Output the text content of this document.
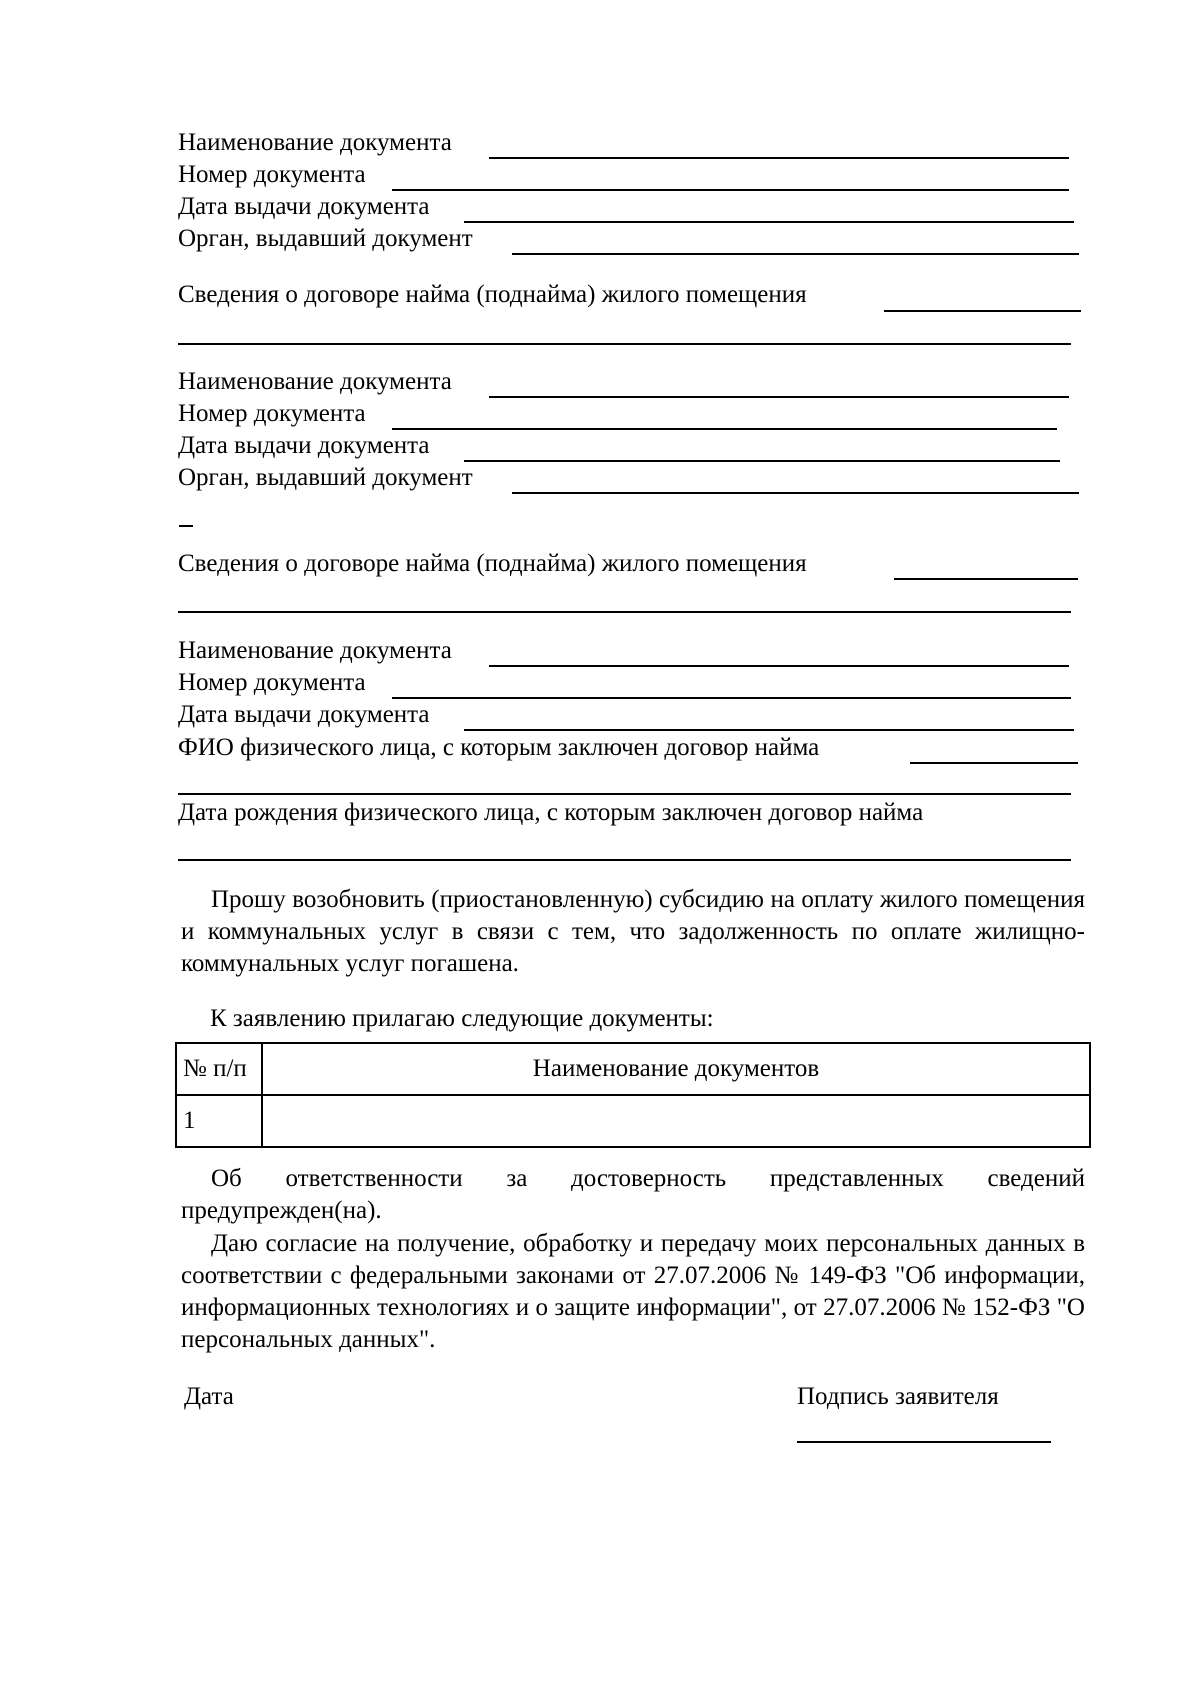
Наименование документа
Номер документа
Дата выдачи документа
Орган, выдавший документ
Сведения о договоре найма (поднайма) жилого помещения
Наименование документа
Номер документа
Дата выдачи документа
Орган, выдавший документ
Сведения о договоре найма (поднайма) жилого помещения
Наименование документа
Номер документа
Дата выдачи документа
ФИО физического лица, с которым заключен договор найма
Дата рождения физического лица, с которым заключен договор найма
Прошу возобновить (приостановленную) субсидию на оплату жилого помещения и коммунальных услуг в связи с тем, что задолженность по оплате жилищно-коммунальных услуг погашена.
К заявлению прилагаю следующие документы:
№ п/п	Наименование документов
1	
Об ответственности за достоверность представленных сведений предупрежден(на).
Даю согласие на получение, обработку и передачу моих персональных данных в соответствии с федеральными законами от 27.07.2006 № 149-ФЗ "Об информации, информационных технологиях и о защите информации", от 27.07.2006 № 152-ФЗ "О персональных данных".
Дата	Подпись заявителя
